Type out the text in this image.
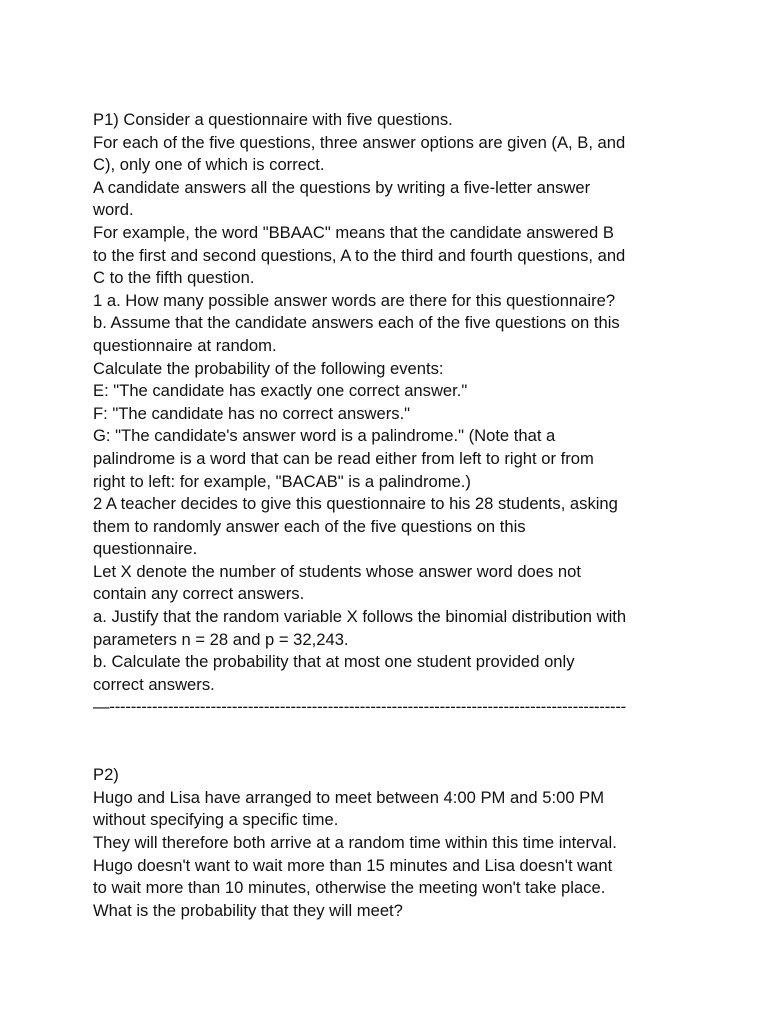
P1) Consider a questionnaire with five questions.
For each of the five questions, three answer options are given (A, B, and
C), only one of which is correct.
A candidate answers all the questions by writing a five-letter answer
word.
For example, the word "BBAAC" means that the candidate answered B
to the first and second questions, A to the third and fourth questions, and
C to the fifth question.
1 a. How many possible answer words are there for this questionnaire?
b. Assume that the candidate answers each of the five questions on this
questionnaire at random.
Calculate the probability of the following events:
E: "The candidate has exactly one correct answer."
F: "The candidate has no correct answers."
G: "The candidate's answer word is a palindrome." (Note that a
palindrome is a word that can be read either from left to right or from
right to left: for example, "BACAB" is a palindrome.)
2 A teacher decides to give this questionnaire to his 28 students, asking
them to randomly answer each of the five questions on this
questionnaire.
Let X denote the number of students whose answer word does not
contain any correct answers.
a. Justify that the random variable X follows the binomial distribution with
parameters n = 28 and p = 32,243.
b. Calculate the probability that at most one student provided only
correct answers.
—-------------------------------------------------------------------------------------------------
P2)
Hugo and Lisa have arranged to meet between 4:00 PM and 5:00 PM
without specifying a specific time.
They will therefore both arrive at a random time within this time interval.
Hugo doesn't want to wait more than 15 minutes and Lisa doesn't want
to wait more than 10 minutes, otherwise the meeting won't take place.
What is the probability that they will meet?
